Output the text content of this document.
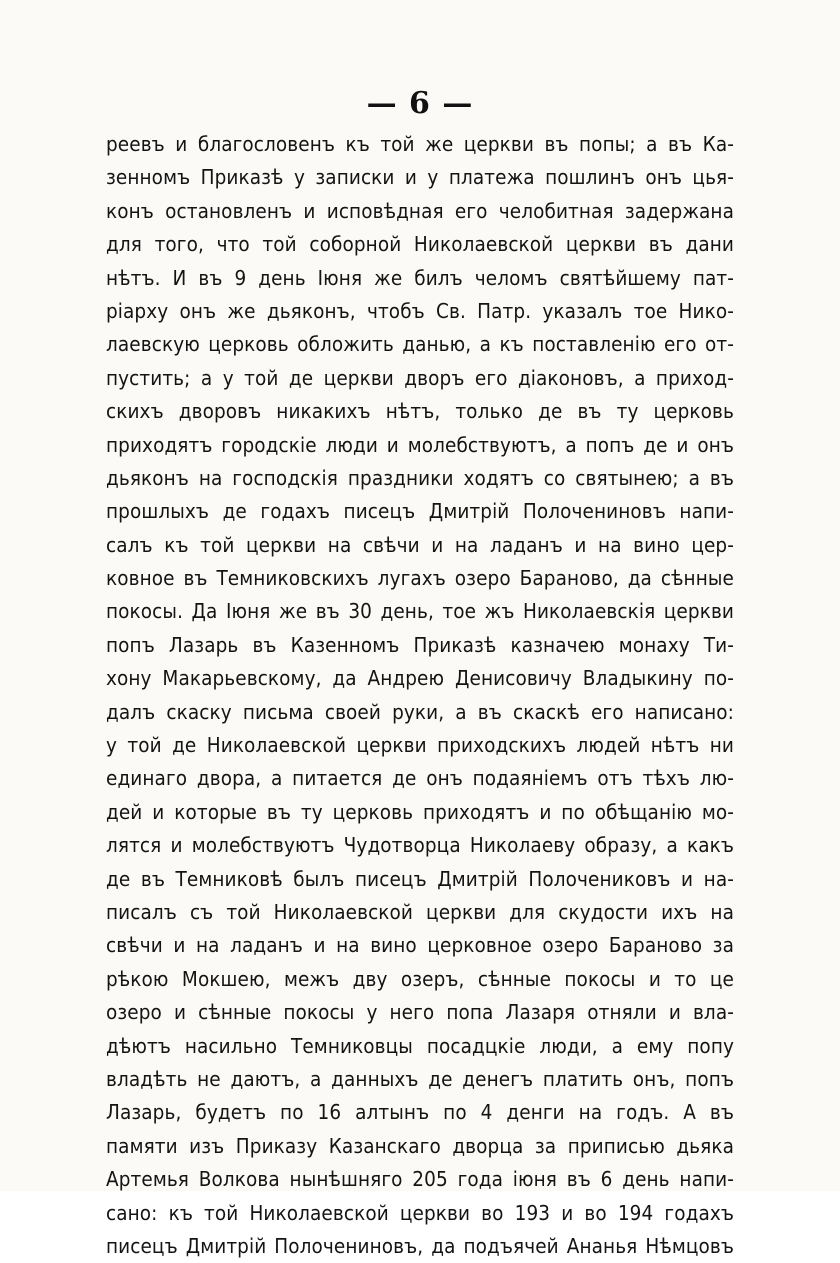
— 6 —
реевъ и благословенъ къ той же церкви въ попы; а въ Ка-
зенномъ Приказѣ у записки и у платежа пошлинъ онъ цья-
конъ остановленъ и исповѣдная его челобитная задержана
для того, что той соборной Николаевской церкви въ дани
нѣтъ. И въ 9 день Іюня же билъ челомъ святѣйшему пат-
ріарху онъ же дьяконъ, чтобъ Св. Патр. указалъ тое Нико-
лаевскую церковь обложить данью, а къ поставленію его от-
пустить; а у той де церкви дворъ его діаконовъ, а приход-
скихъ дворовъ никакихъ нѣтъ, только де въ ту церковь
приходятъ городскіе люди и молебствуютъ, а попъ де и онъ
дьяконъ на господскія праздники ходятъ со святынею; а въ
прошлыхъ де годахъ писецъ Дмитрій Полочениновъ напи-
салъ къ той церкви на свѣчи и на ладанъ и на вино цер-
ковное въ Темниковскихъ лугахъ озеро Бараново, да сѣнные
покосы. Да Іюня же въ 30 день, тое жъ Николаевскія церкви
попъ Лазарь въ Казенномъ Приказѣ казначею монаху Ти-
хону Макарьевскому, да Андрею Денисовичу Владыкину по-
далъ скаску письма своей руки, а въ скаскѣ его написано:
у той де Николаевской церкви приходскихъ людей нѣтъ ни
единаго двора, а питается де онъ подаяніемъ отъ тѣхъ лю-
дей и которые въ ту церковь приходятъ и по обѣщанію мо-
лятся и молебствуютъ Чудотворца Николаеву образу, а какъ
де въ Темниковѣ былъ писецъ Дмитрій Полочениковъ и на-
писалъ съ той Николаевской церкви для скудости ихъ на
свѣчи и на ладанъ и на вино церковное озеро Бараново за
рѣкою Мокшею, межъ дву озеръ, сѣнные покосы и то це
озеро и сѣнные покосы у него попа Лазаря отняли и вла-
дѣютъ насильно Темниковцы посадцкіе люди, а ему попу
владѣть не даютъ, а данныхъ де денегъ платить онъ, попъ
Лазарь, будетъ по 16 алтынъ по 4 денги на годъ. А въ
памяти изъ Приказу Казанскаго дворца за приписью дьяка
Артемья Волкова нынѣшняго 205 года іюня въ 6 день напи-
сано: къ той Николаевской церкви во 193 и во 194 годахъ
писецъ Дмитрій Полочениновъ, да подъячей Ананья Нѣмцовъ
